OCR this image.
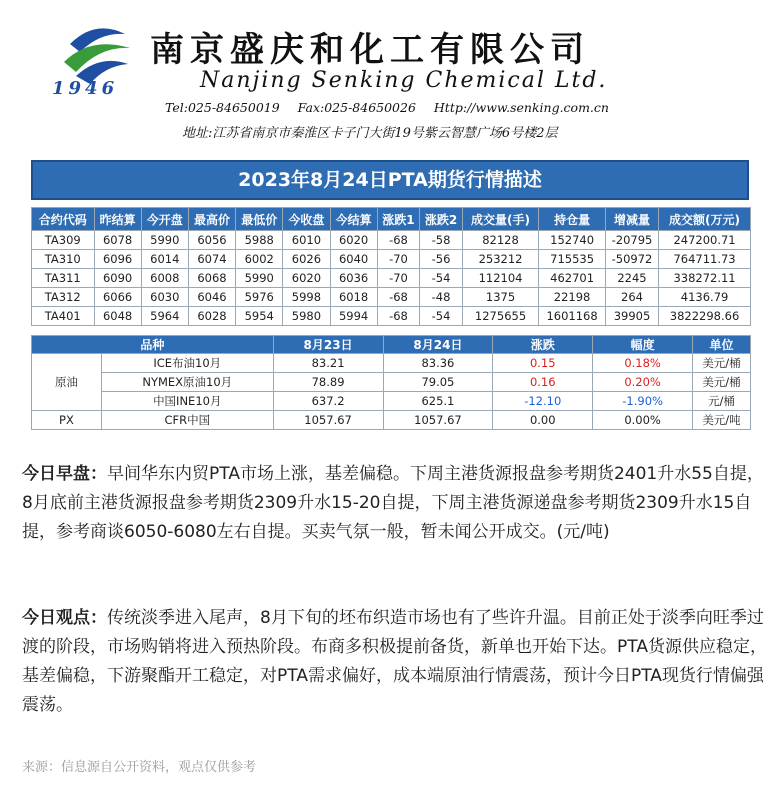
1946
南京盛庆和化工有限公司
Nanjing Senking Chemical Ltd.
Tel:025-84650019 Fax:025-84650026 Http://www.senking.com.cn
地址:江苏省南京市秦淮区卡子门大街19号紫云智慧广场6号楼2层
2023年8月24日PTA期货行情描述
合约代码	昨结算	今开盘	最高价	最低价	今收盘	今结算	涨跌1	涨跌2	成交量(手)	持仓量	增减量	成交额(万元)
TA309	6078	5990	6056	5988	6010	6020	-68	-58	82128	152740	-20795	247200.71
TA310	6096	6014	6074	6002	6026	6040	-70	-56	253212	715535	-50972	764711.73
TA311	6090	6008	6068	5990	6020	6036	-70	-54	112104	462701	2245	338272.11
TA312	6066	6030	6046	5976	5998	6018	-68	-48	1375	22198	264	4136.79
TA401	6048	5964	6028	5954	5980	5994	-68	-54	1275655	1601168	39905	3822298.66
品种		8月23日	8月24日	涨跌	幅度	单位
原油	ICE布油10月	83.21	83.36	0.15	0.18%	美元/桶
	NYMEX原油10月	78.89	79.05	0.16	0.20%	美元/桶
	中国INE10月	637.2	625.1	-12.10	-1.90%	元/桶
PX	CFR中国	1057.67	1057.67	0.00	0.00%	美元/吨
今日早盘：早间华东内贸PTA市场上涨，基差偏稳。下周主港货源报盘参考期货2401升水55自提，8月底前主港货源报盘参考期货2309升水15-20自提，下周主港货源递盘参考期货2309升水15自提，参考商谈6050-6080左右自提。买卖气氛一般，暂未闻公开成交。(元/吨)
今日观点：传统淡季进入尾声，8月下旬的坯布织造市场也有了些许升温。目前正处于淡季向旺季过渡的阶段，市场购销将进入预热阶段。布商多积极提前备货，新单也开始下达。PTA货源供应稳定，基差偏稳，下游聚酯开工稳定，对PTA需求偏好，成本端原油行情震荡，预计今日PTA现货行情偏强震荡。
来源：信息源自公开资料，观点仅供参考
